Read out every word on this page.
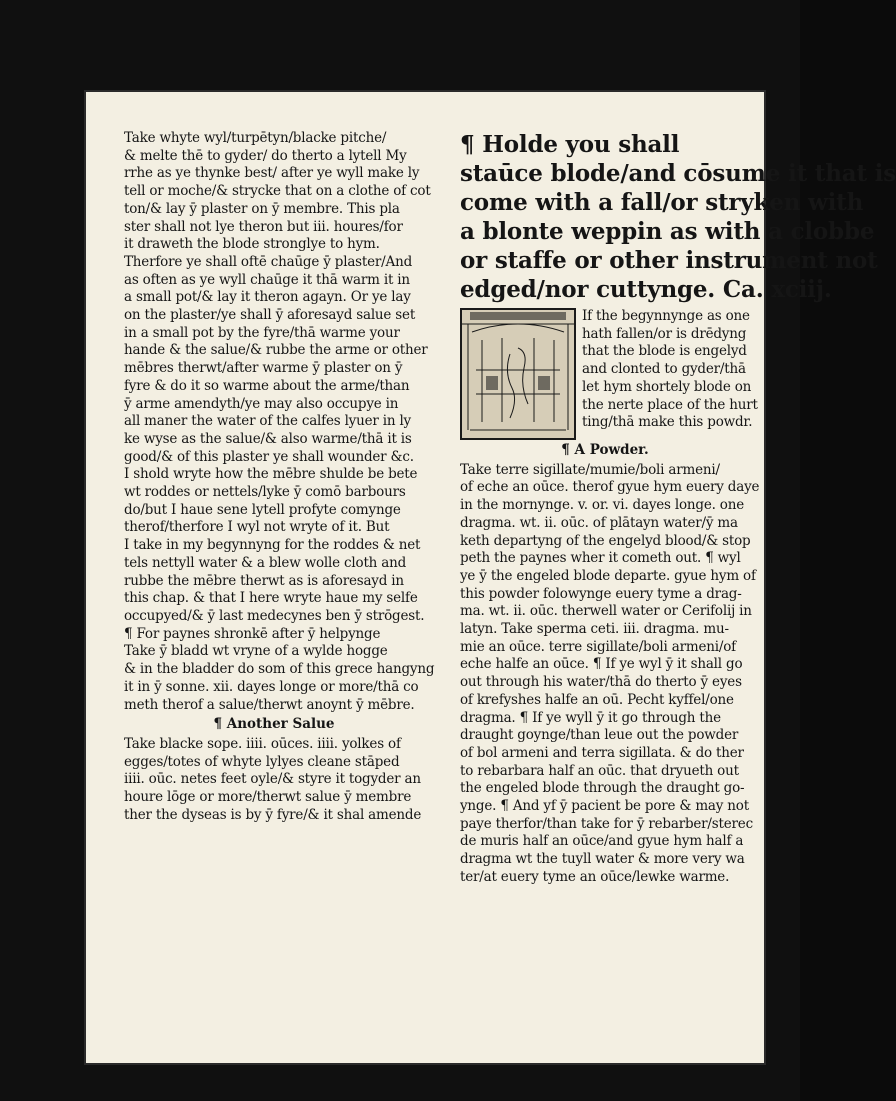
Take whyte wyl/turpētyn/blacke pitche/
& melte thē to gyder/ do therto a lytell My
rrhe as ye thynke best/ after ye wyll make ly
tell or moche/& strycke that on a clothe of cot
ton/& lay ȳ plaster on ȳ membre. This pla
ster shall not lye theron but iii. houres/for
it draweth the blode stronglye to hym.
Therfore ye shall oftē chaūge ȳ plaster/And
as often as ye wyll chaūge it thā warm it in
a small pot/& lay it theron agayn. Or ye lay
on the plaster/ye shall ȳ aforesayd salue set
in a small pot by the fyre/thā warme your
hande & the salue/& rubbe the arme or other
mēbres therwt/after warme ȳ plaster on ȳ
fyre & do it so warme about the arme/than
ȳ arme amendyth/ye may also occupye in
all maner the water of the calfes lyuer in ly
ke wyse as the salue/& also warme/thā it is
good/& of this plaster ye shall wounder &c.
I shold wryte how the mēbre shulde be bete
wt roddes or nettels/lyke ȳ comō barbours
do/but I haue sene lytell profyte comynge
therof/therfore I wyl not wryte of it. But
I take in my begynnyng for the roddes & net
tels nettyll water & a blew wolle cloth and
rubbe the mēbre therwt as is aforesayd in
this chap. & that I here wryte haue my selfe
occupyed/& ȳ last medecynes ben ȳ strōgest.
¶ For paynes shronkē after ȳ helpynge
Take ȳ bladd wt vryne of a wylde hogge
& in the bladder do som of this grece hangyng
it in ȳ sonne. xii. dayes longe or more/thā co
meth therof a salue/therwt anoynt ȳ mēbre.
¶ Another Salue
Take blacke sope. iiii. oūces. iiii. yolkes of
egges/totes of whyte lylyes cleane stāped
iiii. oūc. netes feet oyle/& styre it togyder an
houre lōge or more/therwt salue ȳ membre
ther the dyseas is by ȳ fyre/& it shal amende
¶ Holde you shall
staūce blode/and cōsume it that is
come with a fall/or stryken with
a blonte weppin as with a clobbe
or staffe or other instrument not
edged/nor cuttynge. Ca. xciij.
If the begynnynge as one
hath fallen/or is drēdyng
that the blode is engelyd
and clonted to gyder/thā
let hym shortely blode on
the nerte place of the hurt
ting/thā make this powdr.
¶ A Powder.
Take terre sigillate/mumie/boli armeni/
of eche an oūce. therof gyue hym euery daye
in the mornynge. v. or. vi. dayes longe. one
dragma. wt. ii. oūc. of plātayn water/ȳ ma
keth departyng of the engelyd blood/& stop
peth the paynes wher it cometh out. ¶ wyl
ye ȳ the engeled blode departe. gyue hym of
this powder folowynge euery tyme a drag-
ma. wt. ii. oūc. therwell water or Cerifolij in
latyn. Take sperma ceti. iii. dragma. mu-
mie an oūce. terre sigillate/boli armeni/of
eche halfe an oūce. ¶ If ye wyl ȳ it shall go
out through his water/thā do therto ȳ eyes
of krefyshes halfe an oū. Pecht kyffel/one
dragma. ¶ If ye wyll ȳ it go through the
draught goynge/than leue out the powder
of bol armeni and terra sigillata. & do ther
to rebarbara half an oūc. that dryueth out
the engeled blode through the draught go-
ynge. ¶ And yf ȳ pacient be pore & may not
paye therfor/than take for ȳ rebarber/sterec
de muris half an oūce/and gyue hym half a
dragma wt the tuyll water & more very wa
ter/at euery tyme an oūce/lewke warme.
